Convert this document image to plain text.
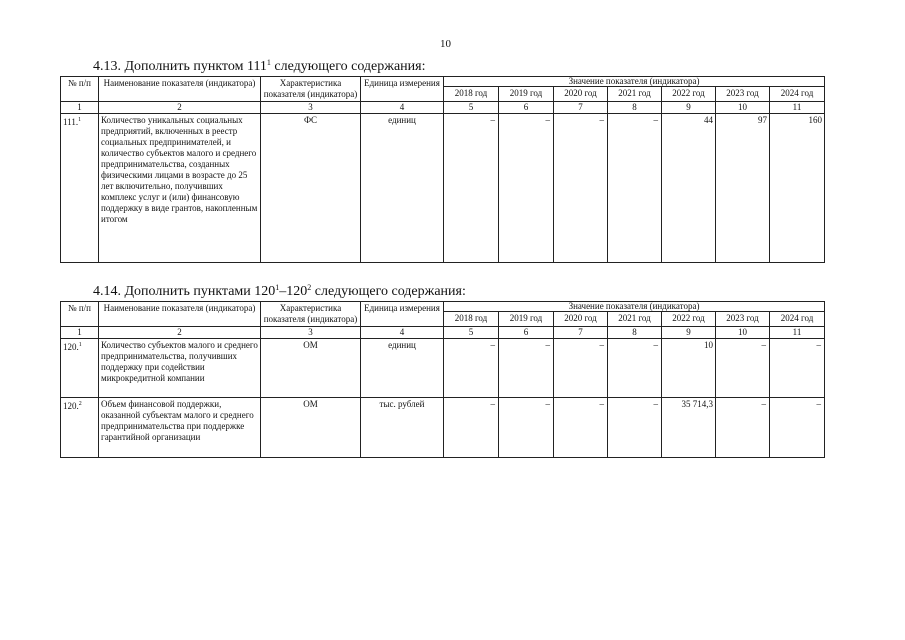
10
4.13. Дополнить пунктом $111^1$ следующего содержания:
№ п/п	Наименование показателя (индикатора)	Характеристика показателя (индикатора)	Единица измерения	Значение показателя (индикатора)						
				2018 год	2019 год	2020 год	2021 год	2022 год	2023 год	2024 год
1	2	3	4	5	6	7	8	9	10	11
111.$^1$	Количество уникальных социальных предприятий, включенных в реестр социальных предпринимателей, и количество субъектов малого и среднего предпринимательства, созданных физическими лицами в возрасте до 25 лет включительно, получивших комплекс услуг и (или) финансовую поддержку в виде грантов, накопленным итогом	ФС	единиц	–	–	–	–	44	97	160
4.14. Дополнить пунктами $120^1-120^2$ следующего содержания:
№ п/п	Наименование показателя (индикатора)	Характеристика показателя (индикатора)	Единица измерения	Значение показателя (индикатора)						
				2018 год	2019 год	2020 год	2021 год	2022 год	2023 год	2024 год
1	2	3	4	5	6	7	8	9	10	11
120.$^1$	Количество субъектов малого и среднего предпринимательства, получивших поддержку при содействии микрокредитной компании	ОМ	единиц	–	–	–	–	10	–	–
120.$^2$	Объем финансовой поддержки, оказанной субъектам малого и среднего предпринимательства при поддержке гарантийной организации	ОМ	тыс. рублей	–	–	–	–	35 714,3	–	–
